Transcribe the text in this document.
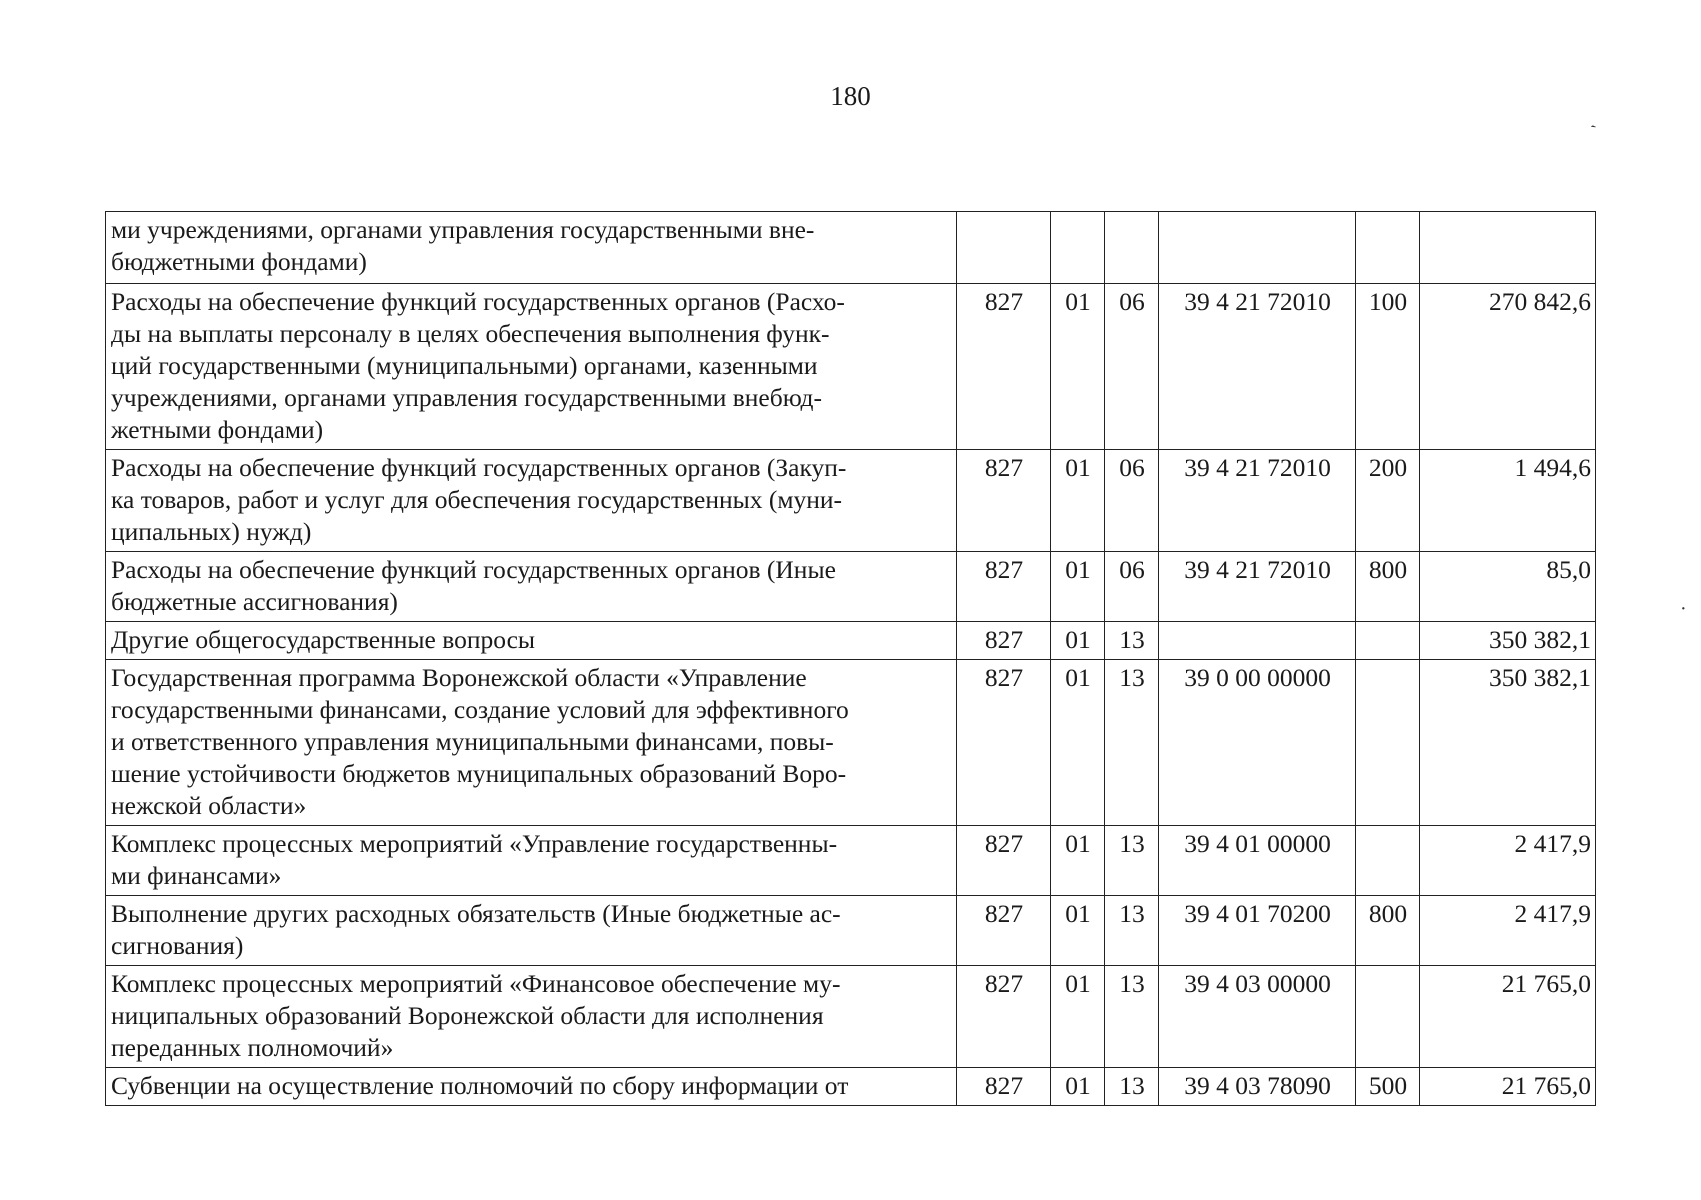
180
ˏ
·
ми учреждениями, органами управления государственными вне-
бюджетными фондами)						
Расходы на обеспечение функций государственных органов (Расхо-
ды на выплаты персоналу в целях обеспечения выполнения функ-
ций государственными (муниципальными) органами, казенными
учреждениями, органами управления государственными внебюд-
жетными фондами)	827	01	06	39 4 21 72010	100	270 842,6
Расходы на обеспечение функций государственных органов (Закуп-
ка товаров, работ и услуг для обеспечения государственных (муни-
ципальных) нужд)	827	01	06	39 4 21 72010	200	1 494,6
Расходы на обеспечение функций государственных органов (Иные
бюджетные ассигнования)	827	01	06	39 4 21 72010	800	85,0
Другие общегосударственные вопросы	827	01	13			350 382,1
Государственная программа Воронежской области «Управление
государственными финансами, создание условий для эффективного
и ответственного управления муниципальными финансами, повы-
шение устойчивости бюджетов муниципальных образований Воро-
нежской области»	827	01	13	39 0 00 00000		350 382,1
Комплекс процессных мероприятий «Управление государственны-
ми финансами»	827	01	13	39 4 01 00000		2 417,9
Выполнение других расходных обязательств (Иные бюджетные ас-
сигнования)	827	01	13	39 4 01 70200	800	2 417,9
Комплекс процессных мероприятий «Финансовое обеспечение му-
ниципальных образований Воронежской области для исполнения
переданных полномочий»	827	01	13	39 4 03 00000		21 765,0
Субвенции на осуществление полномочий по сбору информации от	827	01	13	39 4 03 78090	500	21 765,0
